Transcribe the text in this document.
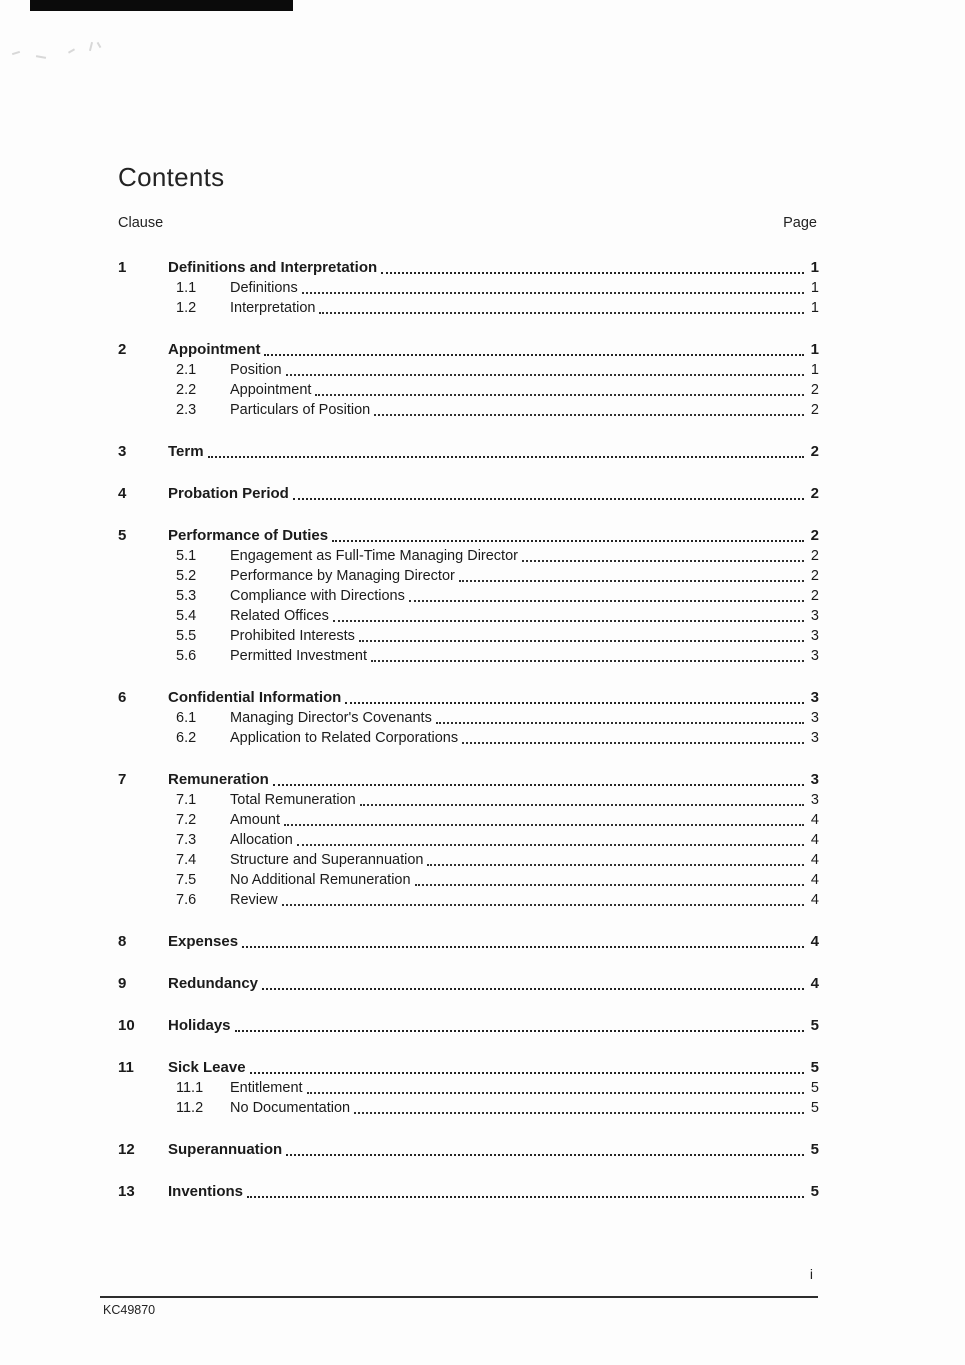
Contents
Clause	Page
1	Definitions and Interpretation	1
1.1	Definitions	1
1.2	Interpretation	1
2	Appointment	1
2.1	Position	1
2.2	Appointment	2
2.3	Particulars of Position	2
3	Term	2
4	Probation Period	2
5	Performance of Duties	2
5.1	Engagement as Full-Time Managing Director	2
5.2	Performance by Managing Director	2
5.3	Compliance with Directions	2
5.4	Related Offices	3
5.5	Prohibited Interests	3
5.6	Permitted Investment	3
6	Confidential Information	3
6.1	Managing Director's Covenants	3
6.2	Application to Related Corporations	3
7	Remuneration	3
7.1	Total Remuneration	3
7.2	Amount	4
7.3	Allocation	4
7.4	Structure and Superannuation	4
7.5	No Additional Remuneration	4
7.6	Review	4
8	Expenses	4
9	Redundancy	4
10	Holidays	5
11	Sick Leave	5
11.1	Entitlement	5
11.2	No Documentation	5
12	Superannuation	5
13	Inventions	5
i
KC49870
